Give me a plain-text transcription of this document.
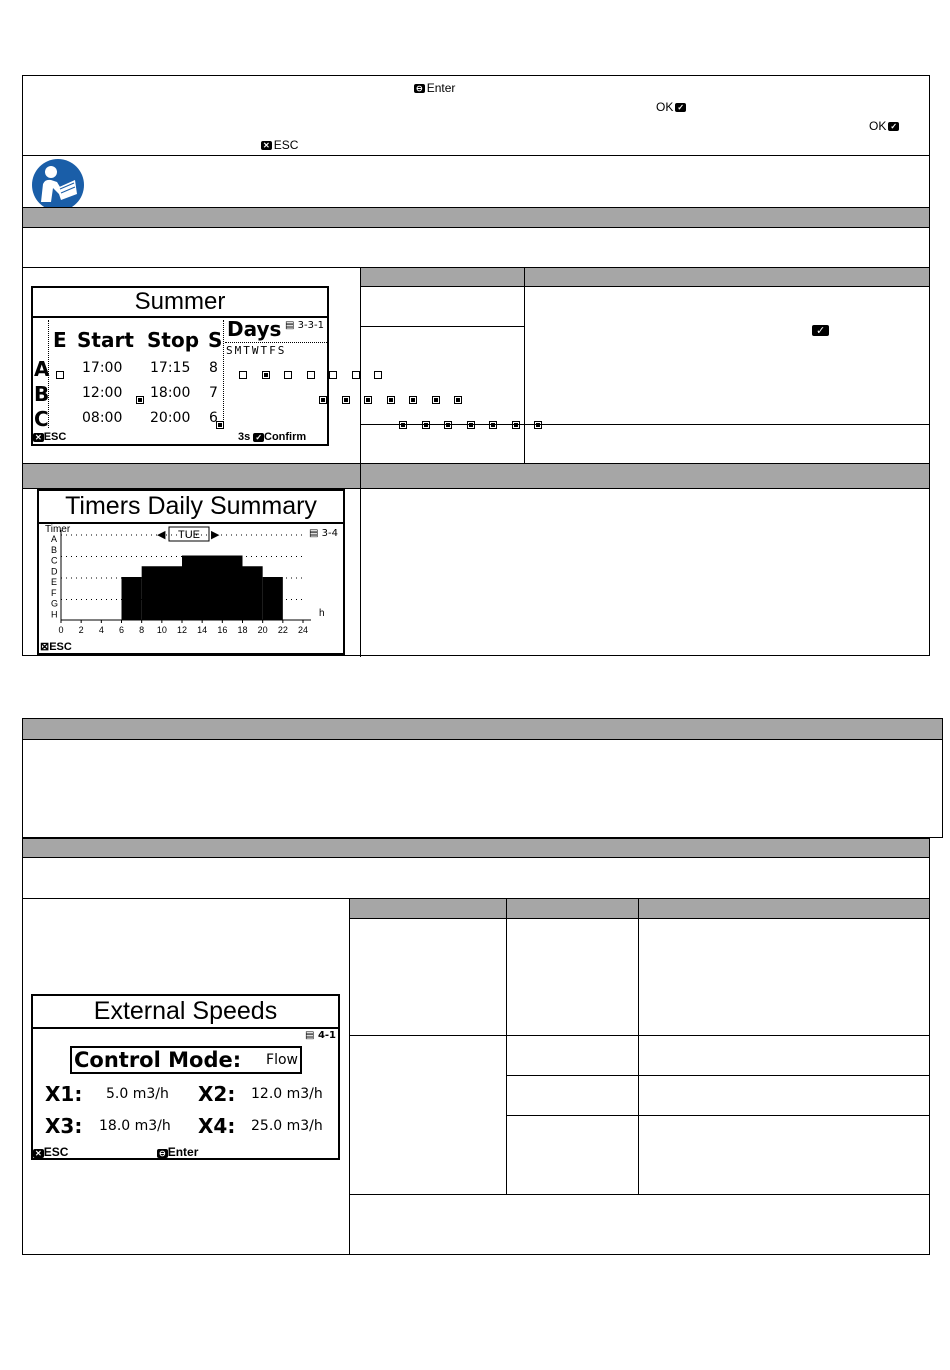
⊖ Enter
OK ✓
OK ✓
✕ ESC
✓
Summer
E Start Stop S Days ▤ 3-3-1
SMTWTFS
A 17:00 17:15 8
B 12:00 18:00 7
C 08:00 20:00 6
✕ ESC	3s ✓ Confirm
Timers Daily Summary
Timer	◀ TUE ▶	▤ 3-4
A
B
C
D
E
F
G
H
0 2 4 6 8 10 12 14 16 18 20 22 24
h
⊠ESC
External Speeds
▤ 4-1
Control Mode: Flow
X1: 5.0 m3/h X2: 12.0 m3/h
X3: 18.0 m3/h X4: 25.0 m3/h
✕ ESC	⊖ Enter
